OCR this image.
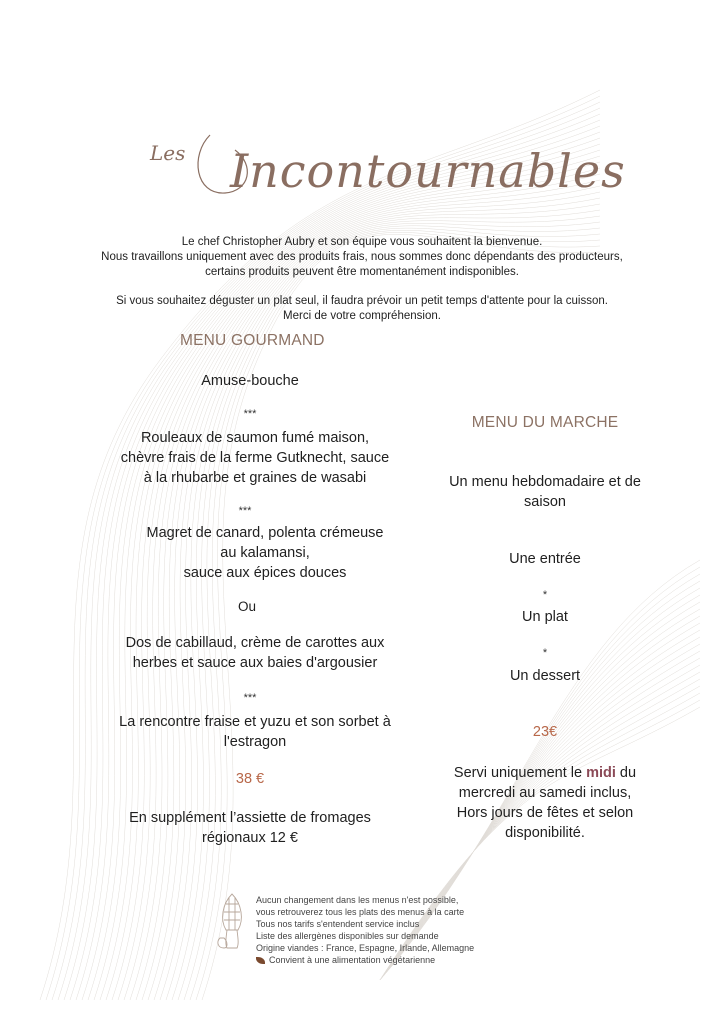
Les Incontournables
Le chef Christopher Aubry et son équipe vous souhaitent la bienvenue.
Nous travaillons uniquement avec des produits frais, nous sommes donc dépendants des producteurs,
certains produits peuvent être momentanément indisponibles.
Si vous souhaitez déguster un plat seul, il faudra prévoir un petit temps d'attente pour la cuisson.
Merci de votre compréhension.
MENU GOURMAND
Amuse-bouche
***
Rouleaux de saumon fumé maison,
chèvre frais de la ferme Gutknecht, sauce
à la rhubarbe et graines de wasabi
***
Magret de canard, polenta crémeuse
au kalamansi,
sauce aux épices douces
Ou
Dos de cabillaud, crème de carottes aux
herbes et sauce aux baies d'argousier
***
La rencontre fraise et yuzu et son sorbet à
l'estragon
38 €
En supplément l’assiette de fromages
régionaux 12 €
MENU DU MARCHE
Un menu hebdomadaire et de
saison
Une entrée
*
Un plat
*
Un dessert
23€
Servi uniquement le midi du
mercredi au samedi inclus,
Hors jours de fêtes et selon
disponibilité.
Aucun changement dans les menus n'est possible,
vous retrouverez tous les plats des menus à la carte
Tous nos tarifs s'entendent service inclus
Liste des allergènes disponibles sur demande
Origine viandes : France, Espagne, Irlande, Allemagne
Convient à une alimentation végétarienne
